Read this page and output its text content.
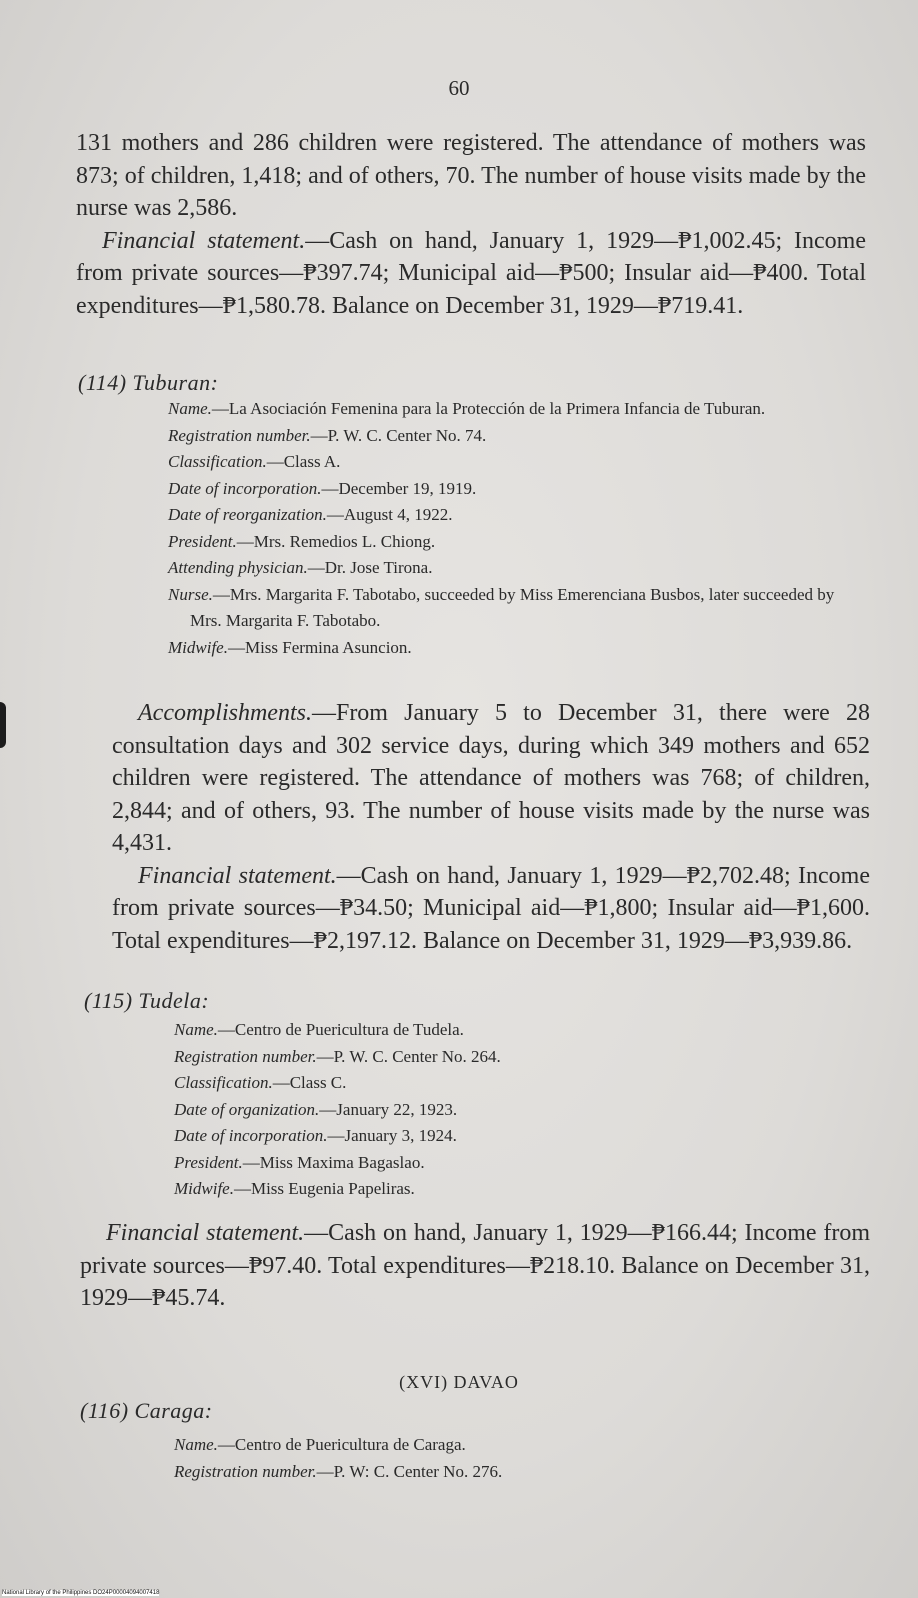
60

131 mothers and 286 children were registered. The attendance of mothers was 873; of children, 1,418; and of others, 70. The number of house visits made by the nurse was 2,586.

Financial statement.—Cash on hand, January 1, 1929—₱1,002.45; Income from private sources—₱397.74; Municipal aid—₱500; Insular aid—₱400. Total expenditures—₱1,580.78. Balance on December 31, 1929—₱719.41.

(114) Tuburan:

Name.—La Asociación Femenina para la Protección de la Primera Infancia de Tuburan.

Registration number.—P. W. C. Center No. 74.

Classification.—Class A.

Date of incorporation.—December 19, 1919.

Date of reorganization.—August 4, 1922.

President.—Mrs. Remedios L. Chiong.

Attending physician.—Dr. Jose Tirona.

Nurse.—Mrs. Margarita F. Tabotabo, succeeded by Miss Emerenciana Busbos, later succeeded by Mrs. Margarita F. Tabotabo.

Midwife.—Miss Fermina Asuncion.

Accomplishments.—From January 5 to December 31, there were 28 consultation days and 302 service days, during which 349 mothers and 652 children were registered. The attendance of mothers was 768; of children, 2,844; and of others, 93. The number of house visits made by the nurse was 4,431.

Financial statement.—Cash on hand, January 1, 1929—₱2,702.48; Income from private sources—₱34.50; Municipal aid—₱1,800; Insular aid—₱1,600. Total expenditures—₱2,197.12. Balance on December 31, 1929—₱3,939.86.

(115) Tudela:

Name.—Centro de Puericultura de Tudela.

Registration number.—P. W. C. Center No. 264.

Classification.—Class C.

Date of organization.—January 22, 1923.

Date of incorporation.—January 3, 1924.

President.—Miss Maxima Bagaslao.

Midwife.—Miss Eugenia Papeliras.

Financial statement.—Cash on hand, January 1, 1929—₱166.44; Income from private sources—₱97.40. Total expenditures—₱218.10. Balance on December 31, 1929—₱45.74.

(XVI) DAVAO
(116) Caraga:

Name.—Centro de Puericultura de Caraga.

Registration number.—P. W: C. Center No. 276.

National Library of the Philippines DO24P00004094007418
